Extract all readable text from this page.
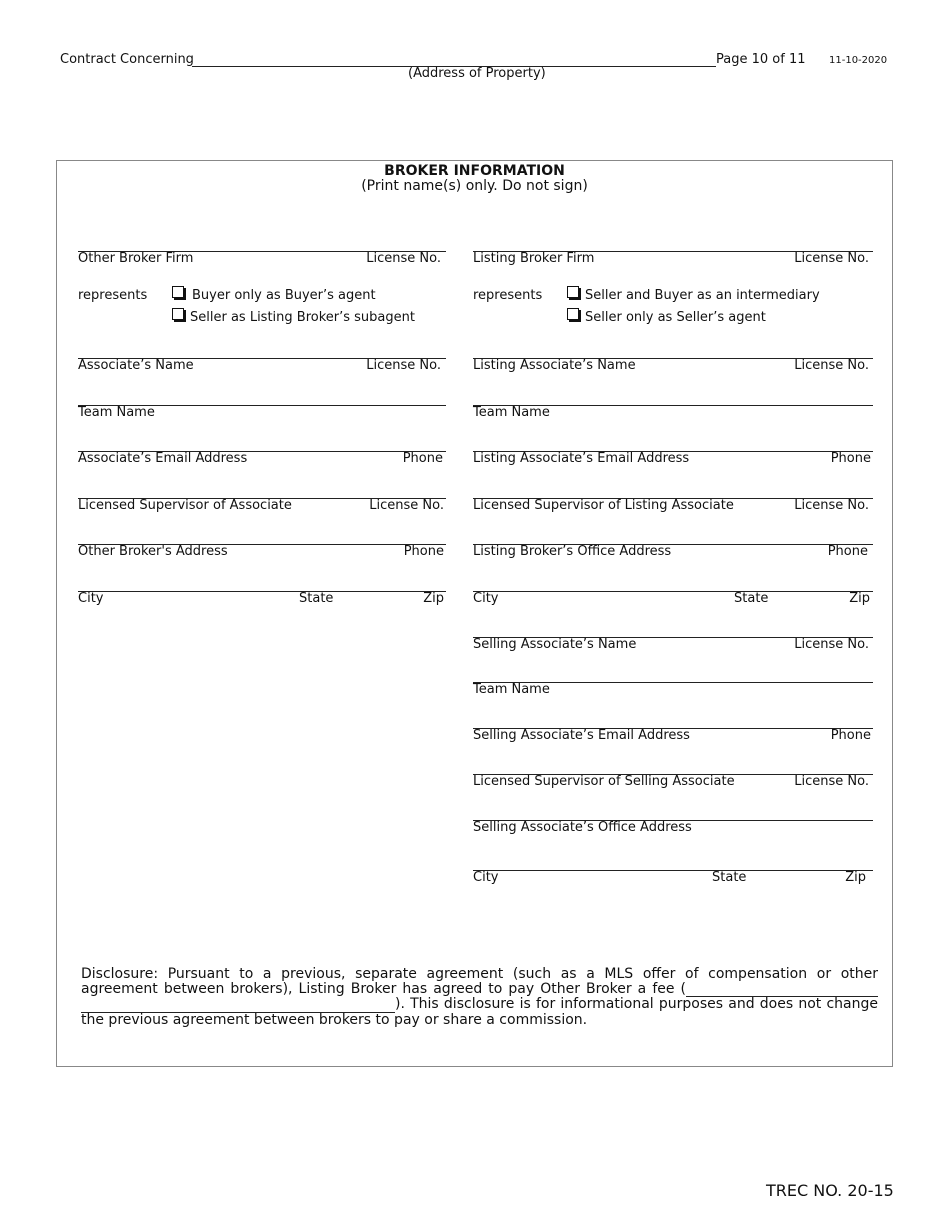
Contract Concerning
(Address of Property)
Page 10 of 11 11-10-2020
BROKER INFORMATION
(Print name(s) only. Do not sign)
Other Broker Firm	License No.
represents	Buyer only as Buyer’s agent
Seller as Listing Broker’s subagent
Associate’s Name	License No.
Team Name
Associate’s Email Address	Phone
Licensed Supervisor of Associate	License No.
Other Broker's Address	Phone
City	State	Zip
Listing Broker Firm	License No.
represents	Seller and Buyer as an intermediary
Seller only as Seller’s agent
Listing Associate’s Name	License No.
Team Name
Listing Associate’s Email Address	Phone
Licensed Supervisor of Listing Associate	License No.
Listing Broker’s Office Address	Phone
City	State	Zip
Selling Associate’s Name	License No.
Team Name
Selling Associate’s Email Address	Phone
Licensed Supervisor of Selling Associate	License No.
Selling Associate’s Office Address
City	State	Zip
Disclosure: Pursuant to a previous, separate agreement (such as a MLS offer of compensation or other agreement between brokers), Listing Broker has agreed to pay Other Broker a fee (   ). This disclosure is for informational purposes and does not change the previous agreement between brokers to pay or share a commission.
TREC NO. 20-15
